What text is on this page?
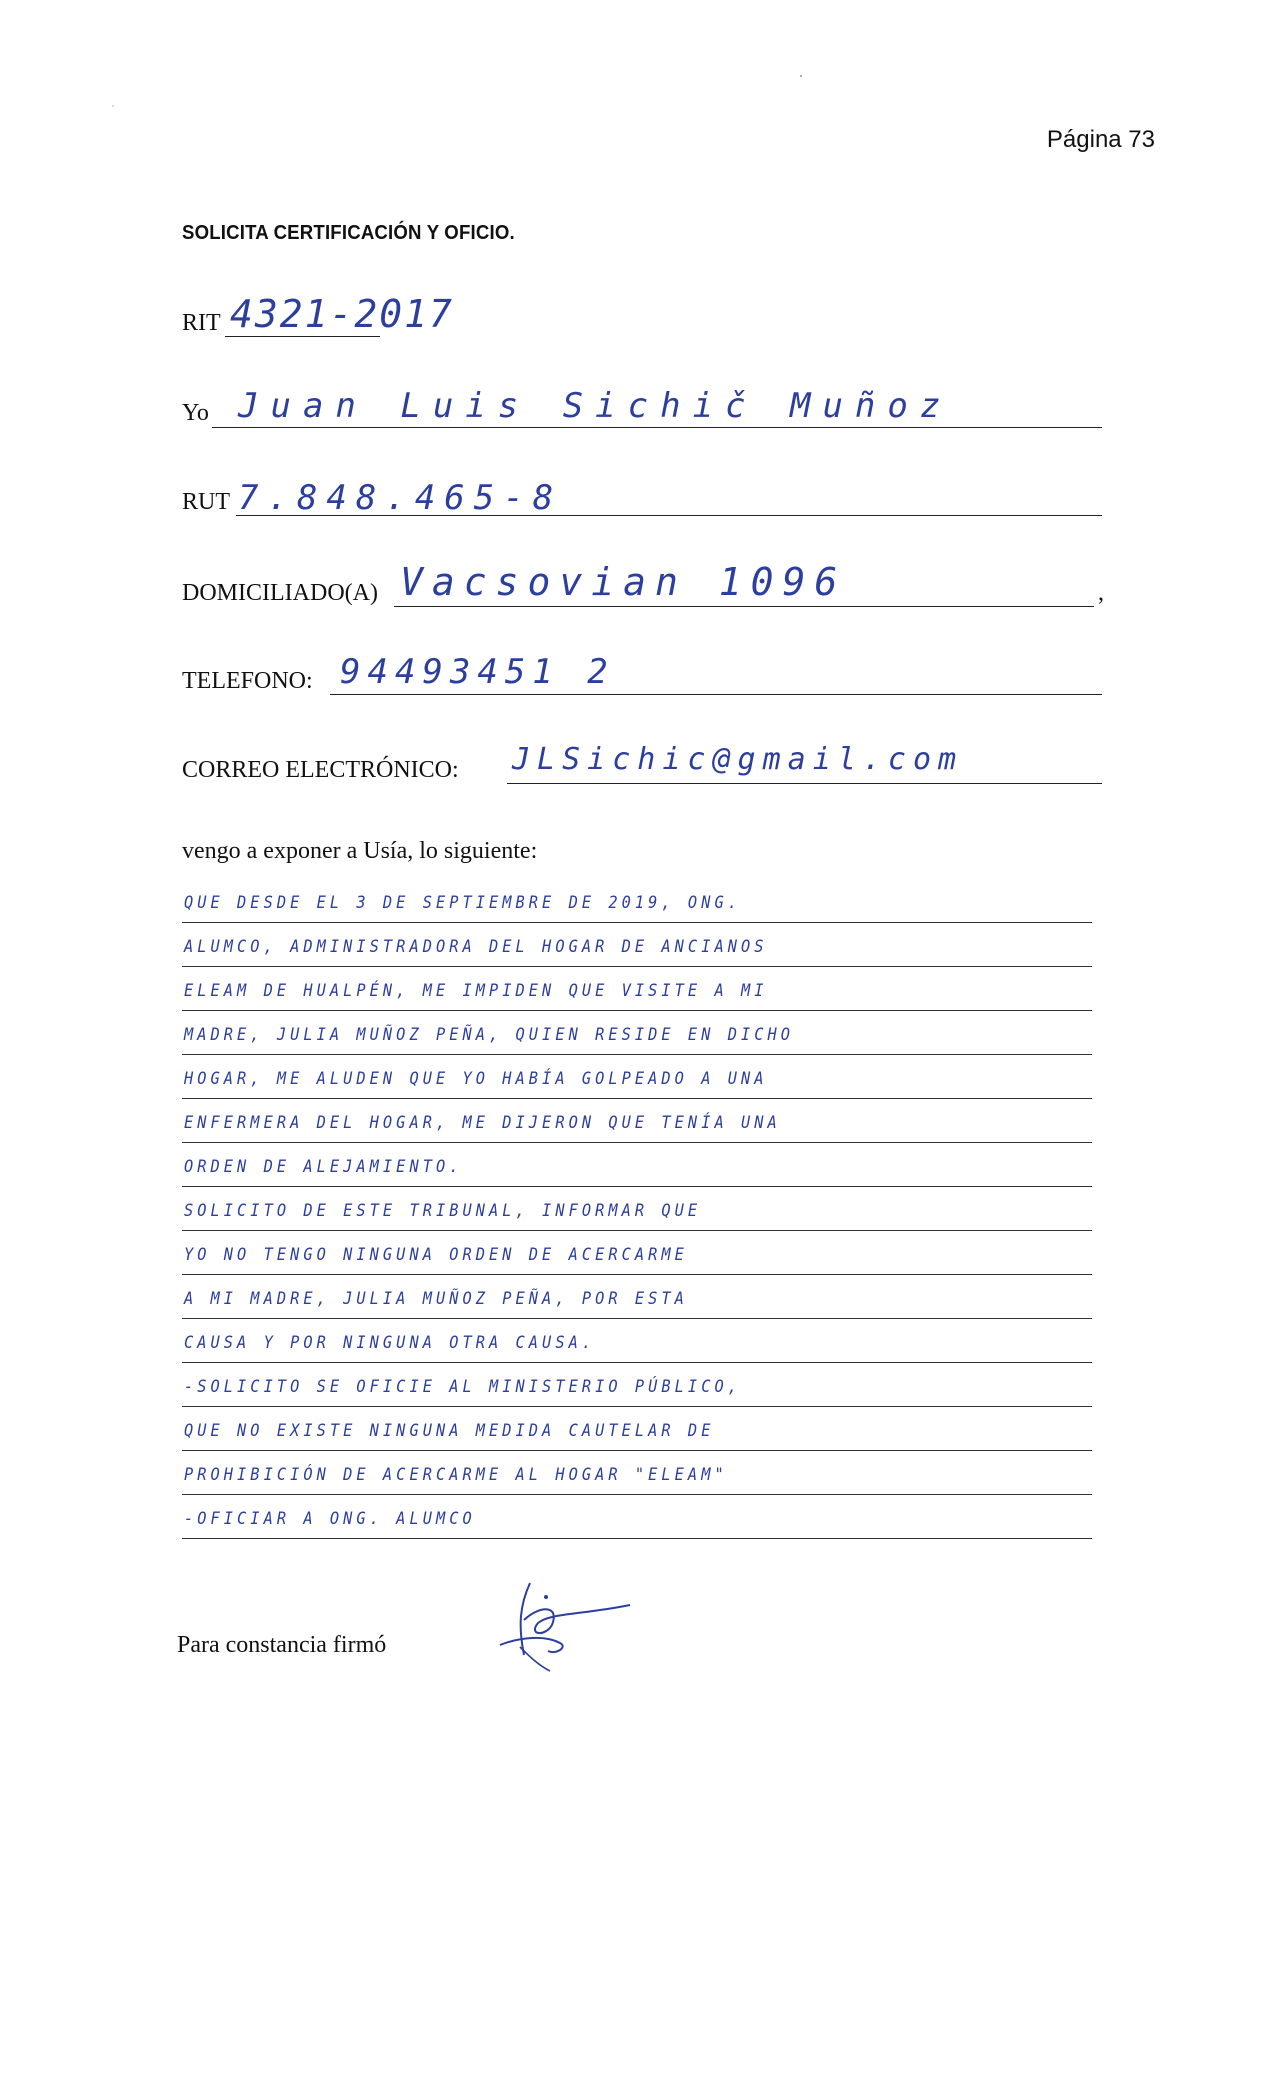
Página 73
SOLICITA CERTIFICACIÓN Y OFICIO.
RIT 4321-2017
Yo Juan Luis Sichič Muñoz
RUT 7.848.465-8
DOMICILIADO(A) Vacsovian 1096	,
TELEFONO: 94493451 2
CORREO ELECTRÓNICO: JLSichic@gmail.com
vengo a exponer a Usía, lo siguiente:
QUE DESDE EL 3 DE SEPTIEMBRE DE 2019, ONG.
ALUMCO, ADMINISTRADORA DEL HOGAR DE ANCIANOS
ELEAM DE HUALPÉN, ME IMPIDEN QUE VISITE A MI
MADRE, JULIA MUÑOZ PEÑA, QUIEN RESIDE EN DICHO
HOGAR, ME ALUDEN QUE YO HABÍA GOLPEADO A UNA
ENFERMERA DEL HOGAR, ME DIJERON QUE TENÍA UNA
ORDEN DE ALEJAMIENTO.
SOLICITO DE ESTE TRIBUNAL, INFORMAR QUE
YO NO TENGO NINGUNA ORDEN DE ACERCARME
A MI MADRE, JULIA MUÑOZ PEÑA, POR ESTA
CAUSA Y POR NINGUNA OTRA CAUSA.
-SOLICITO SE OFICIE AL MINISTERIO PÚBLICO,
QUE NO EXISTE NINGUNA MEDIDA CAUTELAR DE
PROHIBICIÓN DE ACERCARME AL HOGAR "ELEAM"
-OFICIAR A ONG. ALUMCO
Para constancia firmó
